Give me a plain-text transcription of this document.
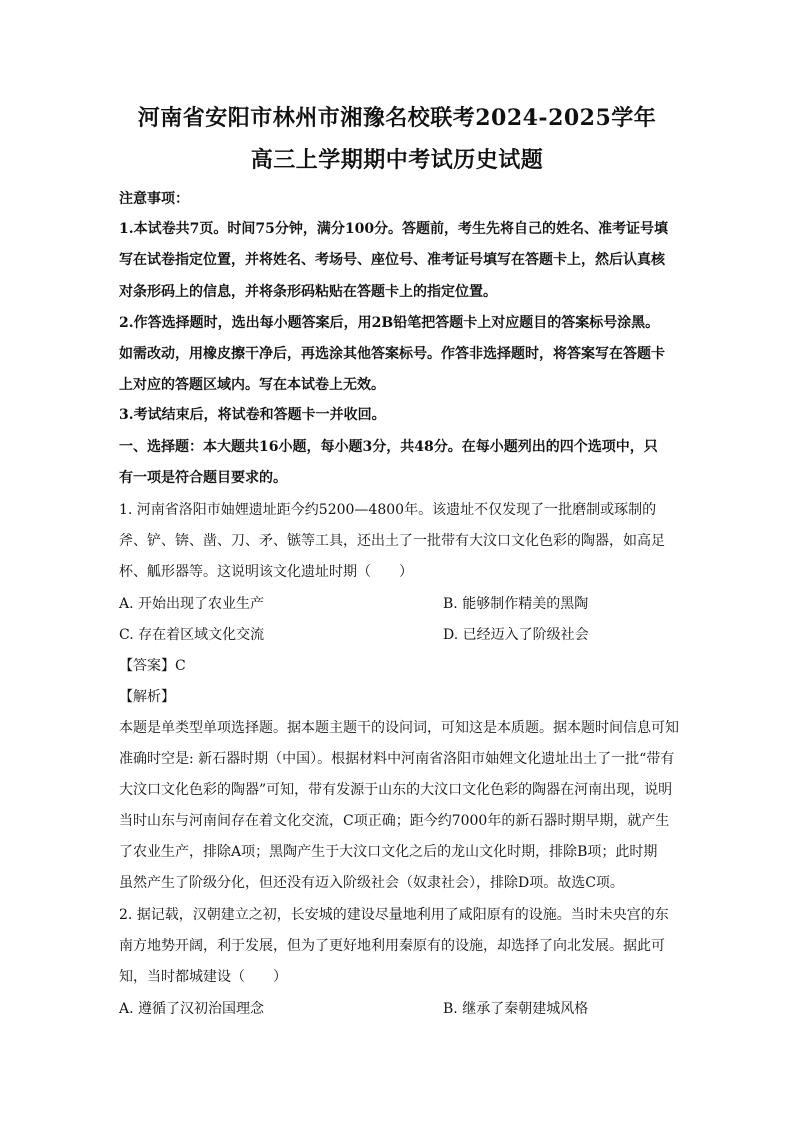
河南省安阳市林州市湘豫名校联考2024-2025学年
高三上学期期中考试历史试题
注意事项：
1.本试卷共7页。时间75分钟，满分100分。答题前，考生先将自己的姓名、准考证号填
写在试卷指定位置，并将姓名、考场号、座位号、准考证号填写在答题卡上，然后认真核
对条形码上的信息，并将条形码粘贴在答题卡上的指定位置。
2.作答选择题时，选出每小题答案后，用2B铅笔把答题卡上对应题目的答案标号涂黑。
如需改动，用橡皮擦干净后，再选涂其他答案标号。作答非选择题时，将答案写在答题卡
上对应的答题区域内。写在本试卷上无效。
3.考试结束后，将试卷和答题卡一并收回。
一、选择题：本大题共16小题，每小题3分，共48分。在每小题列出的四个选项中，只
有一项是符合题目要求的。
1. 河南省洛阳市妯娌遗址距今约5200—4800年。该遗址不仅发现了一批磨制或琢制的
斧、铲、锛、凿、刀、矛、镞等工具，还出土了一批带有大汶口文化色彩的陶器，如高足
杯、觚形器等。这说明该文化遗址时期（　　）
A. 开始出现了农业生产	B. 能够制作精美的黑陶
C. 存在着区域文化交流	D. 已经迈入了阶级社会
【答案】C
【解析】
本题是单类型单项选择题。据本题主题干的设问词，可知这是本质题。据本题时间信息可知
准确时空是: 新石器时期（中国）。根据材料中河南省洛阳市妯娌文化遗址出土了一批“带有
大汶口文化色彩的陶器”可知，带有发源于山东的大汶口文化色彩的陶器在河南出现，说明
当时山东与河南间存在着文化交流，C项正确；距今约7000年的新石器时期早期，就产生
了农业生产，排除A项；黑陶产生于大汶口文化之后的龙山文化时期，排除B项；此时期
虽然产生了阶级分化，但还没有迈入阶级社会（奴隶社会），排除D项。故选C项。
2. 据记载，汉朝建立之初，长安城的建设尽量地利用了咸阳原有的设施。当时未央宫的东
南方地势开阔，利于发展，但为了更好地利用秦原有的设施，却选择了向北发展。据此可
知，当时都城建设（　　）
A. 遵循了汉初治国理念	B. 继承了秦朝建城风格
